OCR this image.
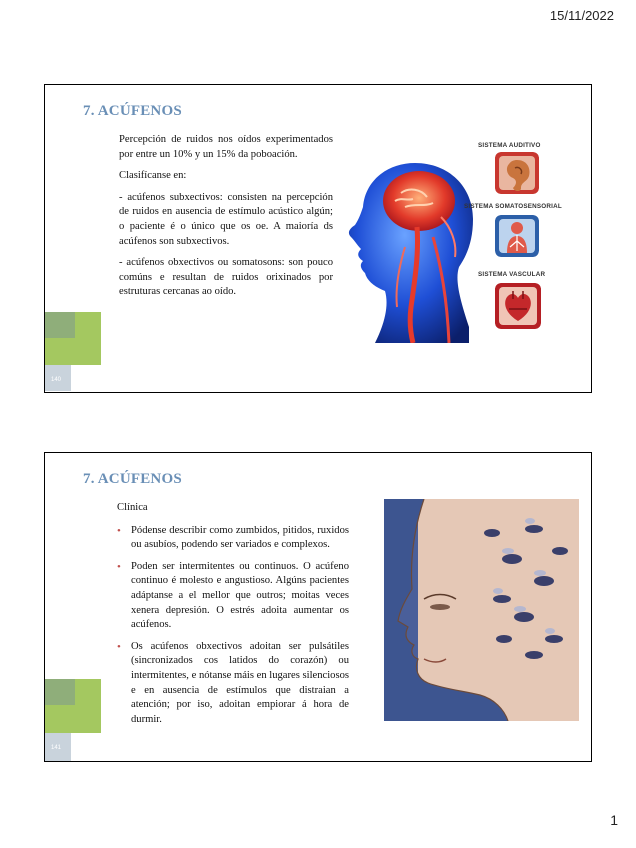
15/11/2022
7. ACÚFENOS

Percepción de ruidos nos oídos experimentados por entre un 10% y un 15% da poboación.

Clasifícanse en:

- acúfenos subxectivos: consisten na percepción de ruidos en ausencia de estímulo acústico algún; o paciente é o único que os oe. A maioría ds acúfenos son subxectivos.

- acúfenos obxectivos ou somatosons: son pouco comúns e resultan de ruidos orixinados por estruturas cercanas ao oído.

SISTEMA AUDITIVO
SISTEMA SOMATOSENSORIAL
SISTEMA VASCULAR
140
7. ACÚFENOS

Clínica

• Pódense describir como zumbidos, pitidos, ruxidos ou asubíos, podendo ser variados e complexos.
• Poden ser intermitentes ou continuos. O acúfeno continuo é molesto e angustioso. Algúns pacientes adáptanse a el mellor que outros; moitas veces xenera depresión. O estrés adoita aumentar os acúfenos.
• Os acúfenos obxectivos adoitan ser pulsátiles (sincronizados cos latidos do corazón) ou intermitentes, e nótanse máis en lugares silenciosos e en ausencia de estímulos que distraian a atención; por iso, adoitan empiorar á hora de durmir.
141
1
